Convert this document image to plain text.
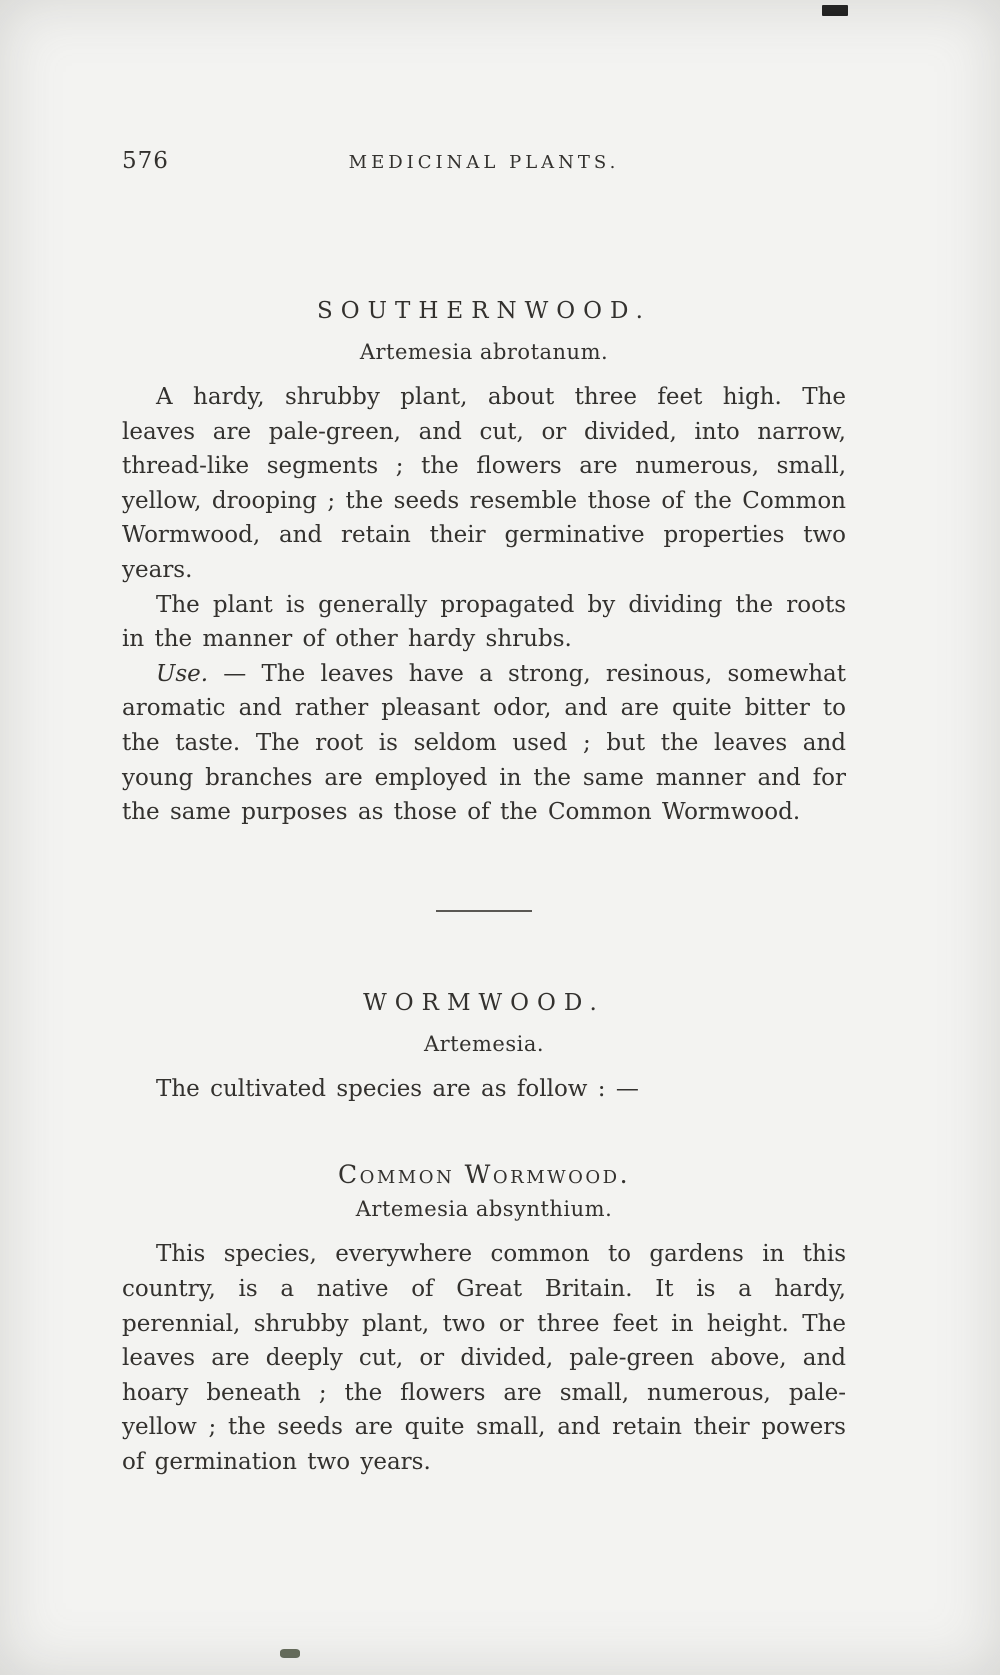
576	MEDICINAL PLANTS.
SOUTHERNWOOD.
Artemesia abrotanum.

A hardy, shrubby plant, about three feet high. The leaves are pale-green, and cut, or divided, into narrow, thread-like segments ; the flowers are numerous, small, yellow, drooping ; the seeds resemble those of the Common Wormwood, and retain their germinative properties two years.

The plant is generally propagated by dividing the roots in the manner of other hardy shrubs.

Use. — The leaves have a strong, resinous, somewhat aromatic and rather pleasant odor, and are quite bitter to the taste. The root is seldom used ; but the leaves and young branches are employed in the same manner and for the same purposes as those of the Common Wormwood.

WORMWOOD.
Artemesia.

The cultivated species are as follow : —

Common Wormwood.
Artemesia absynthium.

This species, everywhere common to gardens in this country, is a native of Great Britain. It is a hardy, perennial, shrubby plant, two or three feet in height. The leaves are deeply cut, or divided, pale-green above, and hoary beneath ; the flowers are small, numerous, pale-yellow ; the seeds are quite small, and retain their powers of germination two years.
